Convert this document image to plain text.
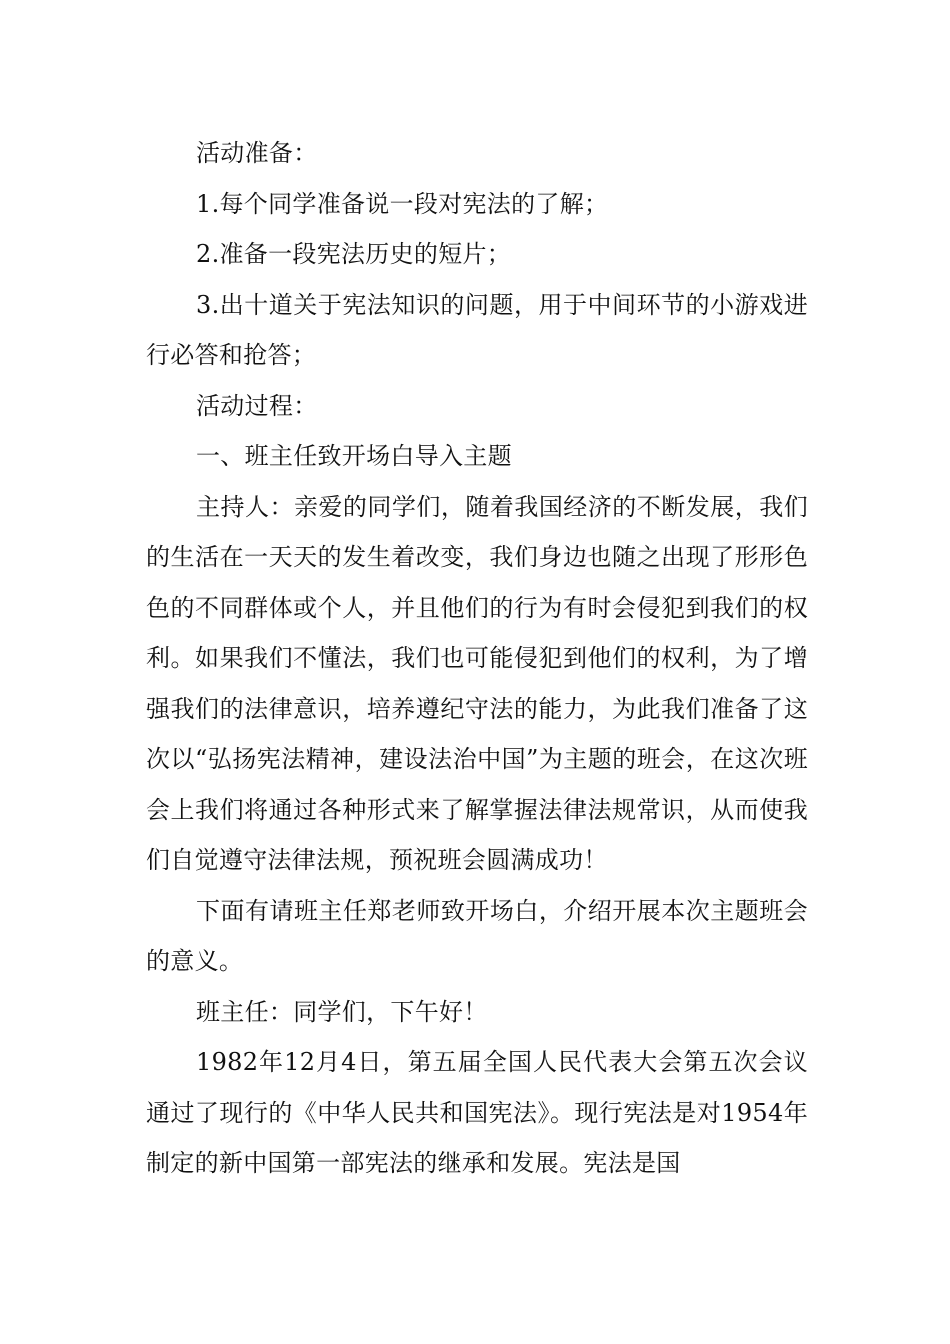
活动准备：

1.每个同学准备说一段对宪法的了解；

2.准备一段宪法历史的短片；

3.出十道关于宪法知识的问题，用于中间环节的小游戏进行必答和抢答；

活动过程：

一、班主任致开场白导入主题

主持人：亲爱的同学们，随着我国经济的不断发展，我们的生活在一天天的发生着改变，我们身边也随之出现了形形色色的不同群体或个人，并且他们的行为有时会侵犯到我们的权利。如果我们不懂法，我们也可能侵犯到他们的权利，为了增强我们的法律意识，培养遵纪守法的能力，为此我们准备了这次以“弘扬宪法精神，建设法治中国”为主题的班会，在这次班会上我们将通过各种形式来了解掌握法律法规常识，从而使我们自觉遵守法律法规，预祝班会圆满成功！

下面有请班主任郑老师致开场白，介绍开展本次主题班会的意义。

班主任：同学们，下午好！

1982年12月4日，第五届全国人民代表大会第五次会议通过了现行的《中华人民共和国宪法》。现行宪法是对1954年制定的新中国第一部宪法的继承和发展。宪法是国
